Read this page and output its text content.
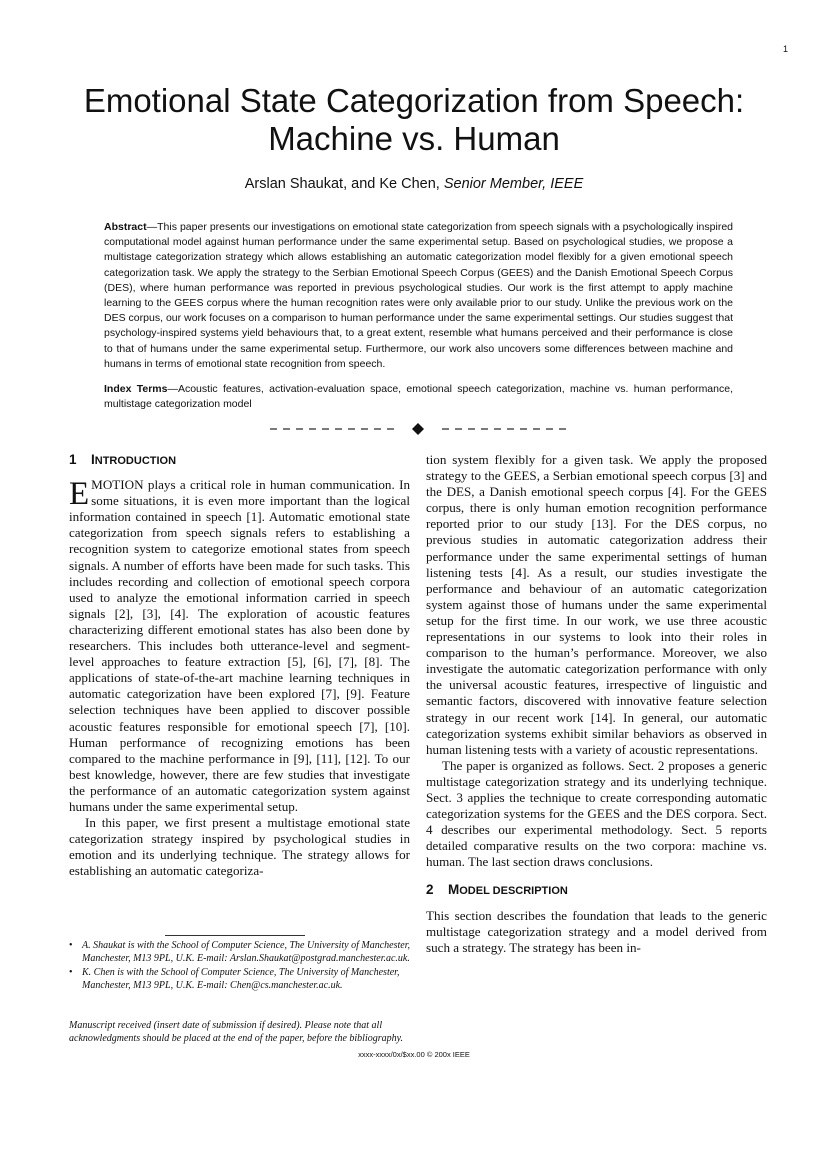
1
Emotional State Categorization from Speech:
Machine vs. Human
Arslan Shaukat, and Ke Chen, Senior Member, IEEE
Abstract—This paper presents our investigations on emotional state categorization from speech signals with a psychologically inspired computational model against human performance under the same experimental setup. Based on psychological studies, we propose a multistage categorization strategy which allows establishing an automatic categorization model flexibly for a given emotional speech categorization task. We apply the strategy to the Serbian Emotional Speech Corpus (GEES) and the Danish Emotional Speech Corpus (DES), where human performance was reported in previous psychological studies. Our work is the first attempt to apply machine learning to the GEES corpus where the human recognition rates were only available prior to our study. Unlike the previous work on the DES corpus, our work focuses on a comparison to human performance under the same experimental settings. Our studies suggest that psychology-inspired systems yield behaviours that, to a great extent, resemble what humans perceived and their performance is close to that of humans under the same experimental setup. Furthermore, our work also uncovers some differences between machine and humans in terms of emotional state recognition from speech.
Index Terms—Acoustic features, activation-evaluation space, emotional speech categorization, machine vs. human performance, multistage categorization model
1 INTRODUCTION

EMOTION plays a critical role in human communication. In some situations, it is even more important than the logical information contained in speech [1]. Automatic emotional state categorization from speech signals refers to establishing a recognition system to categorize emotional states from speech signals. A number of efforts have been made for such tasks. This includes recording and collection of emotional speech corpora used to analyze the emotional information carried in speech signals [2], [3], [4]. The exploration of acoustic features characterizing different emotional states has also been done by researchers. This includes both utterance-level and segment-level approaches to feature extraction [5], [6], [7], [8]. The applications of state-of-the-art machine learning techniques in automatic categorization have been explored [7], [9]. Feature selection techniques have been applied to discover possible acoustic features responsible for emotional speech [7], [10]. Human performance of recognizing emotions has been compared to the machine performance in [9], [11], [12]. To our best knowledge, however, there are few studies that investigate the performance of an automatic categorization system against humans under the same experimental setup.

In this paper, we first present a multistage emotional state categorization strategy inspired by psychological studies in emotion and its underlying technique. The strategy allows for establishing an automatic categoriza-

• A. Shaukat is with the School of Computer Science, The University of Manchester, Manchester, M13 9PL, U.K. E-mail: Arslan.Shaukat@postgrad.manchester.ac.uk.
• K. Chen is with the School of Computer Science, The University of Manchester, Manchester, M13 9PL, U.K. E-mail: Chen@cs.manchester.ac.uk.
Manuscript received (insert date of submission if desired). Please note that all acknowledgments should be placed at the end of the paper, before the bibliography.

tion system flexibly for a given task. We apply the proposed strategy to the GEES, a Serbian emotional speech corpus [3] and the DES, a Danish emotional speech corpus [4]. For the GEES corpus, there is only human emotion recognition performance reported prior to our study [13]. For the DES corpus, no previous studies in automatic categorization address their performance under the same experimental settings of human listening tests [4]. As a result, our studies investigate the performance and behaviour of an automatic categorization system against those of humans under the same experimental setup for the first time. In our work, we use three acoustic representations in our systems to look into their roles in comparison to the human’s performance. Moreover, we also investigate the automatic categorization performance with only the universal acoustic features, irrespective of linguistic and semantic factors, discovered with innovative feature selection strategy in our recent work [14]. In general, our automatic categorization systems exhibit similar behaviors as observed in human listening tests with a variety of acoustic representations.

The paper is organized as follows. Sect. 2 proposes a generic multistage categorization strategy and its underlying technique. Sect. 3 applies the technique to create corresponding automatic categorization systems for the GEES and the DES corpora. Sect. 4 describes our experimental methodology. Sect. 5 reports detailed comparative results on the two corpora: machine vs. human. The last section draws conclusions.

2 MODEL DESCRIPTION

This section describes the foundation that leads to the generic multistage categorization strategy and a model derived from such a strategy. The strategy has been in-

xxxx-xxxx/0x/$xx.00 © 200x IEEE
